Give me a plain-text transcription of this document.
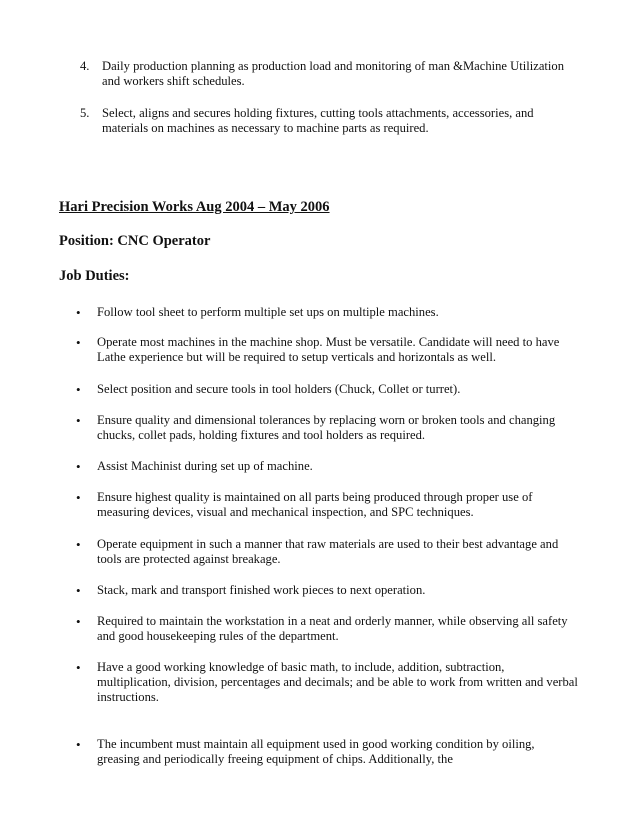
4. Daily production planning as production load and monitoring of man &Machine Utilization and workers shift schedules.
5. Select, aligns and secures holding fixtures, cutting tools attachments, accessories, and materials on machines as necessary to machine parts as required.
Hari Precision Works Aug 2004 – May 2006
Position: CNC Operator
Job Duties:
•	Follow tool sheet to perform multiple set ups on multiple machines.
•	Operate most machines in the machine shop. Must be versatile. Candidate will need to have Lathe experience but will be required to setup verticals and horizontals as well.
•	Select position and secure tools in tool holders (Chuck, Collet or turret).
•	Ensure quality and dimensional tolerances by replacing worn or broken tools and changing chucks, collet pads, holding fixtures and tool holders as required.
•	Assist Machinist during set up of machine.
•	Ensure highest quality is maintained on all parts being produced through proper use of measuring devices, visual and mechanical inspection, and SPC techniques.
•	Operate equipment in such a manner that raw materials are used to their best advantage and tools are protected against breakage.
•	Stack, mark and transport finished work pieces to next operation.
•	Required to maintain the workstation in a neat and orderly manner, while observing all safety and good housekeeping rules of the department.
•	Have a good working knowledge of basic math, to include, addition, subtraction, multiplication, division, percentages and decimals; and be able to work from written and verbal instructions.
•	The incumbent must maintain all equipment used in good working condition by oiling, greasing and periodically freeing equipment of chips. Additionally, the
